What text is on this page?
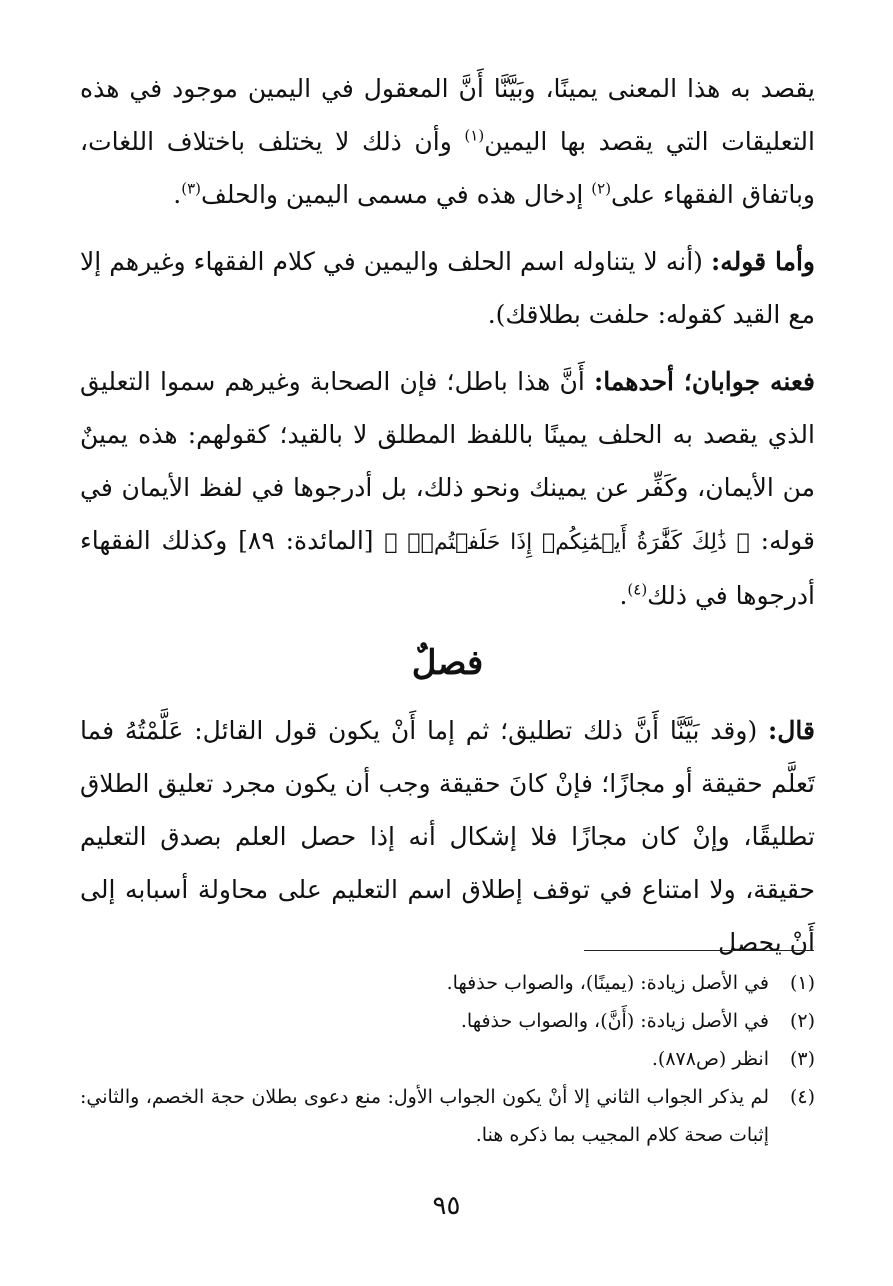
يقصد به هذا المعنى يمينًا، وبَيَّنَّا أَنَّ المعقول في اليمين موجود في هذه التعليقات التي يقصد بها اليمين$^{(١)}$ وأن ذلك لا يختلف باختلاف اللغات، وباتفاق الفقهاء على$^{(٢)}$ إدخال هذه في مسمى اليمين والحلف$^{(٣)}$.

وأما قوله: (أنه لا يتناوله اسم الحلف واليمين في كلام الفقهاء وغيرهم إلا مع القيد كقوله: حلفت بطلاقك).

فعنه جوابان؛ أحدهما: أَنَّ هذا باطل؛ فإن الصحابة وغيرهم سموا التعليق الذي يقصد به الحلف يمينًا باللفظ المطلق لا بالقيد؛ كقولهم: هذه يمينٌ من الأيمان، وكَفِّر عن يمينك ونحو ذلك، بل أدرجوها في لفظ الأيمان في قوله: ﴿ ذَٰلِكَ كَفَّٰرَةُ أَيۡمَٰنِكُمۡ إِذَا حَلَفۡتُمۡۚ ﴾ [المائدة: ٨٩] وكذلك الفقهاء أدرجوها في ذلك$^{(٤)}$.

فصلٌ

قال: (وقد بَيَّنَّا أَنَّ ذلك تطليق؛ ثم إما أَنْ يكون قول القائل: عَلَّمْتُهُ فما تَعلَّم حقيقة أو مجازًا؛ فإنْ كانَ حقيقة وجب أن يكون مجرد تعليق الطلاق تطليقًا، وإنْ كان مجازًا فلا إشكال أنه إذا حصل العلم بصدق التعليم حقيقة، ولا امتناع في توقف إطلاق اسم التعليم على محاولة أسبابه إلى أَنْ يحصل

(١)
في الأصل زيادة: (يمينًا)، والصواب حذفها.
(٢)
في الأصل زيادة: (أَنَّ)، والصواب حذفها.
(٣)
انظر (ص٨٧٨).
(٤)
لم يذكر الجواب الثاني إلا أنْ يكون الجواب الأول: منع دعوى بطلان حجة الخصم، والثاني: إثبات صحة كلام المجيب بما ذكره هنا.
٩٥
